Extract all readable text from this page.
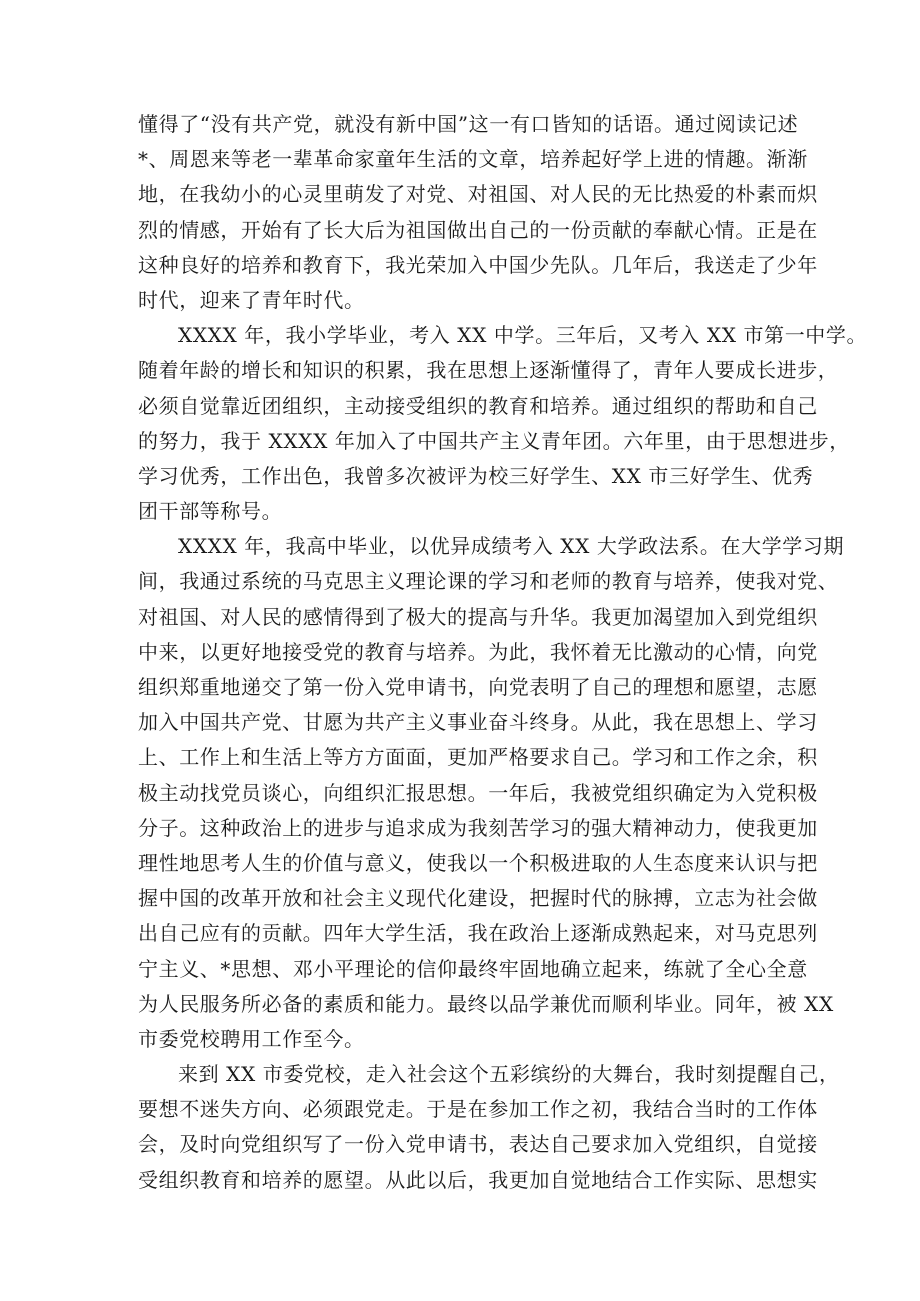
懂得了“没有共产党，就没有新中国”这一有口皆知的话语。通过阅读记述
*、周恩来等老一辈革命家童年生活的文章，培养起好学上进的情趣。渐渐
地，在我幼小的心灵里萌发了对党、对祖国、对人民的无比热爱的朴素而炽
烈的情感，开始有了长大后为祖国做出自己的一份贡献的奉献心情。正是在
这种良好的培养和教育下，我光荣加入中国少先队。几年后，我送走了少年
时代，迎来了青年时代。
XXXX 年，我小学毕业，考入 XX 中学。三年后，又考入 XX 市第一中学。
随着年龄的增长和知识的积累，我在思想上逐渐懂得了，青年人要成长进步，
必须自觉靠近团组织，主动接受组织的教育和培养。通过组织的帮助和自己
的努力，我于 XXXX 年加入了中国共产主义青年团。六年里，由于思想进步，
学习优秀，工作出色，我曾多次被评为校三好学生、XX 市三好学生、优秀
团干部等称号。
XXXX 年，我高中毕业，以优异成绩考入 XX 大学政法系。在大学学习期
间，我通过系统的马克思主义理论课的学习和老师的教育与培养，使我对党、
对祖国、对人民的感情得到了极大的提高与升华。我更加渴望加入到党组织
中来，以更好地接受党的教育与培养。为此，我怀着无比激动的心情，向党
组织郑重地递交了第一份入党申请书，向党表明了自己的理想和愿望，志愿
加入中国共产党、甘愿为共产主义事业奋斗终身。从此，我在思想上、学习
上、工作上和生活上等方方面面，更加严格要求自己。学习和工作之余，积
极主动找党员谈心，向组织汇报思想。一年后，我被党组织确定为入党积极
分子。这种政治上的进步与追求成为我刻苦学习的强大精神动力，使我更加
理性地思考人生的价值与意义，使我以一个积极进取的人生态度来认识与把
握中国的改革开放和社会主义现代化建设，把握时代的脉搏，立志为社会做
出自己应有的贡献。四年大学生活，我在政治上逐渐成熟起来，对马克思列
宁主义、*思想、邓小平理论的信仰最终牢固地确立起来，练就了全心全意
为人民服务所必备的素质和能力。最终以品学兼优而顺利毕业。同年，被 XX
市委党校聘用工作至今。
来到 XX 市委党校，走入社会这个五彩缤纷的大舞台，我时刻提醒自己，
要想不迷失方向、必须跟党走。于是在参加工作之初，我结合当时的工作体
会，及时向党组织写了一份入党申请书，表达自己要求加入党组织，自觉接
受组织教育和培养的愿望。从此以后，我更加自觉地结合工作实际、思想实
